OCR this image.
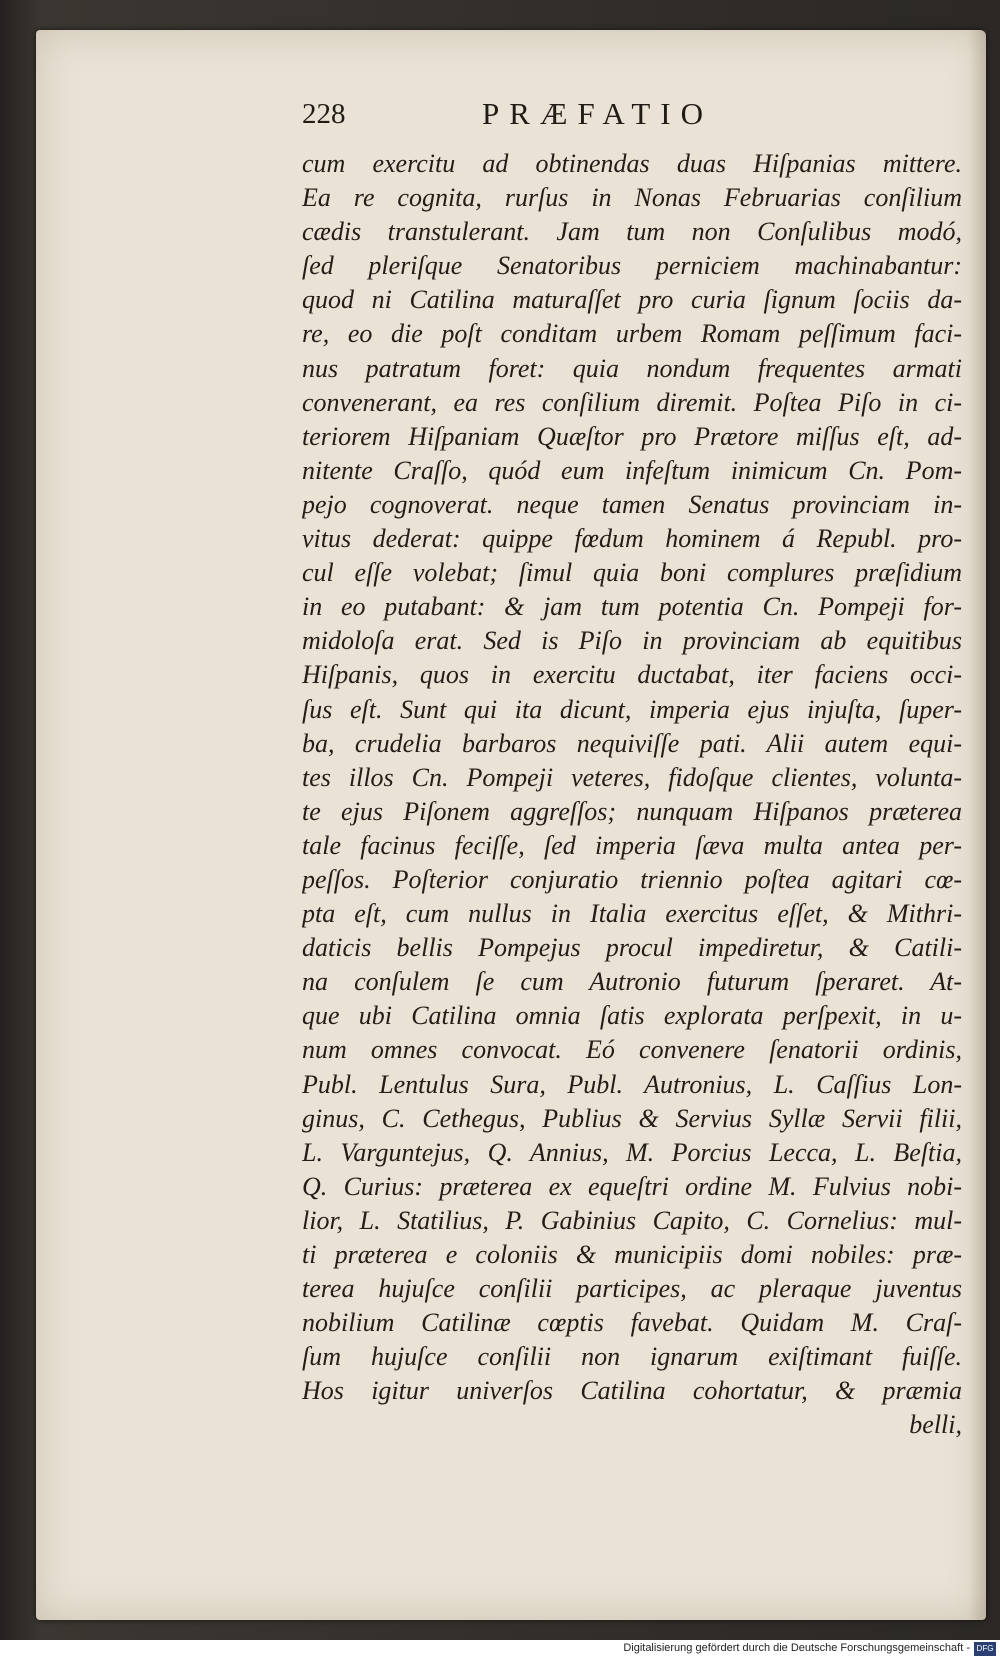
228	PRÆFATIO
cum exercitu ad obtinendas duas Hiſpanias mittere.
Ea re cognita, rurſus in Nonas Februarias conſilium
cædis transtulerant. Jam tum non Conſulibus modó,
ſed pleriſque Senatoribus perniciem machinabantur:
quod ni Catilina maturaſſet pro curia ſignum ſociis da-
re, eo die poſt conditam urbem Romam peſſimum faci-
nus patratum foret: quia nondum frequentes armati
convenerant, ea res conſilium diremit. Poſtea Piſo in ci-
teriorem Hiſpaniam Quæſtor pro Prætore miſſus eſt, ad-
nitente Craſſo, quód eum infeſtum inimicum Cn. Pom-
pejo cognoverat. neque tamen Senatus provinciam in-
vitus dederat: quippe fœdum hominem á Republ. pro-
cul eſſe volebat; ſimul quia boni complures præſidium
in eo putabant: & jam tum potentia Cn. Pompeji for-
midoloſa erat. Sed is Piſo in provinciam ab equitibus
Hiſpanis, quos in exercitu ductabat, iter faciens occi-
ſus eſt. Sunt qui ita dicunt, imperia ejus injuſta, ſuper-
ba, crudelia barbaros nequiviſſe pati. Alii autem equi-
tes illos Cn. Pompeji veteres, fidoſque clientes, volunta-
te ejus Piſonem aggreſſos; nunquam Hiſpanos præterea
tale facinus feciſſe, ſed imperia ſæva multa antea per-
peſſos. Poſterior conjuratio triennio poſtea agitari cœ-
pta eſt, cum nullus in Italia exercitus eſſet, & Mithri-
daticis bellis Pompejus procul impediretur, & Catili-
na conſulem ſe cum Autronio futurum ſperaret. At-
que ubi Catilina omnia ſatis explorata perſpexit, in u-
num omnes convocat. Eó convenere ſenatorii ordinis,
Publ. Lentulus Sura, Publ. Autronius, L. Caſſius Lon-
ginus, C. Cethegus, Publius & Servius Syllæ Servii filii,
L. Varguntejus, Q. Annius, M. Porcius Lecca, L. Beſtia,
Q. Curius: præterea ex equeſtri ordine M. Fulvius nobi-
lior, L. Statilius, P. Gabinius Capito, C. Cornelius: mul-
ti præterea e coloniis & municipiis domi nobiles: præ-
terea hujuſce conſilii participes, ac pleraque juventus
nobilium Catilinæ cœptis favebat. Quidam M. Craſ-
ſum hujuſce conſilii non ignarum exiſtimant fuiſſe.
Hos igitur univerſos Catilina cohortatur, & præmia
belli,
Digitalisierung gefördert durch die Deutsche Forschungsgemeinschaft - DFG
